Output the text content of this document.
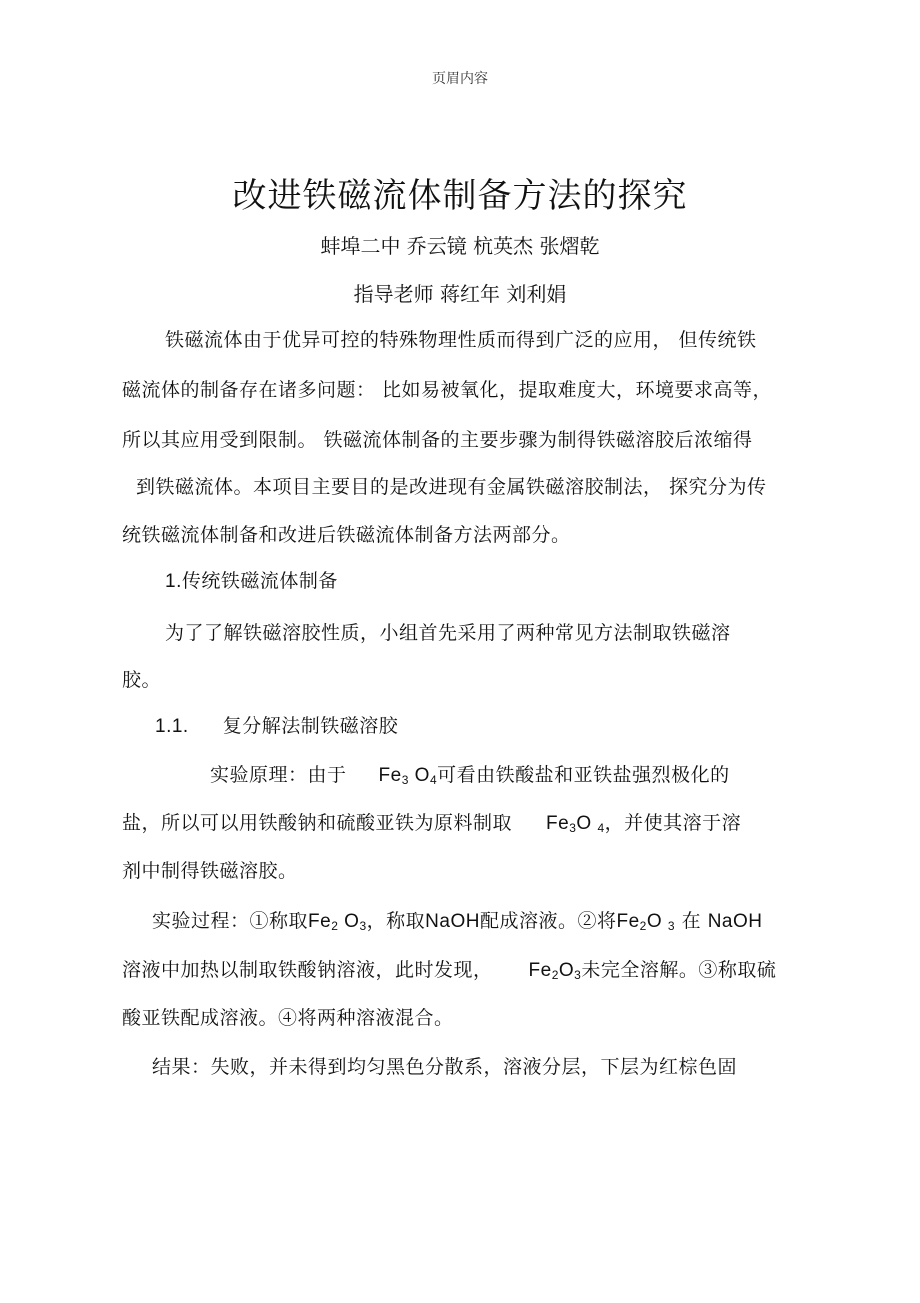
页眉内容
改进铁磁流体制备方法的探究
蚌埠二中 乔云镜 杭英杰 张熠乾
指导老师 蒋红年 刘利娟
铁磁流体由于优异可控的特殊物理性质而得到广泛的应用， 但传统铁
磁流体的制备存在诸多问题： 比如易被氧化，提取难度大，环境要求高等，
所以其应用受到限制。 铁磁流体制备的主要步骤为制得铁磁溶胶后浓缩得
到铁磁流体。本项目主要目的是改进现有金属铁磁溶胶制法， 探究分为传
统铁磁流体制备和改进后铁磁流体制备方法两部分。
1.传统铁磁流体制备
为了了解铁磁溶胶性质，小组首先采用了两种常见方法制取铁磁溶
胶。
1.1. 复分解法制铁磁溶胶
实验原理：由于 $Fe_3$ $O_4$可看由铁酸盐和亚铁盐强烈极化的
盐，所以可以用铁酸钠和硫酸亚铁为原料制取 $Fe_3O$ $_4$，并使其溶于溶
剂中制得铁磁溶胶。
实验过程：①称取$Fe_2$ $O_3$，称取NaOH配成溶液。②将$Fe_2O$ $_3$ 在 NaOH
溶液中加热以制取铁酸钠溶液，此时发现， $Fe_2O_3$未完全溶解。③称取硫
酸亚铁配成溶液。④将两种溶液混合。
结果：失败，并未得到均匀黑色分散系，溶液分层，下层为红棕色固
